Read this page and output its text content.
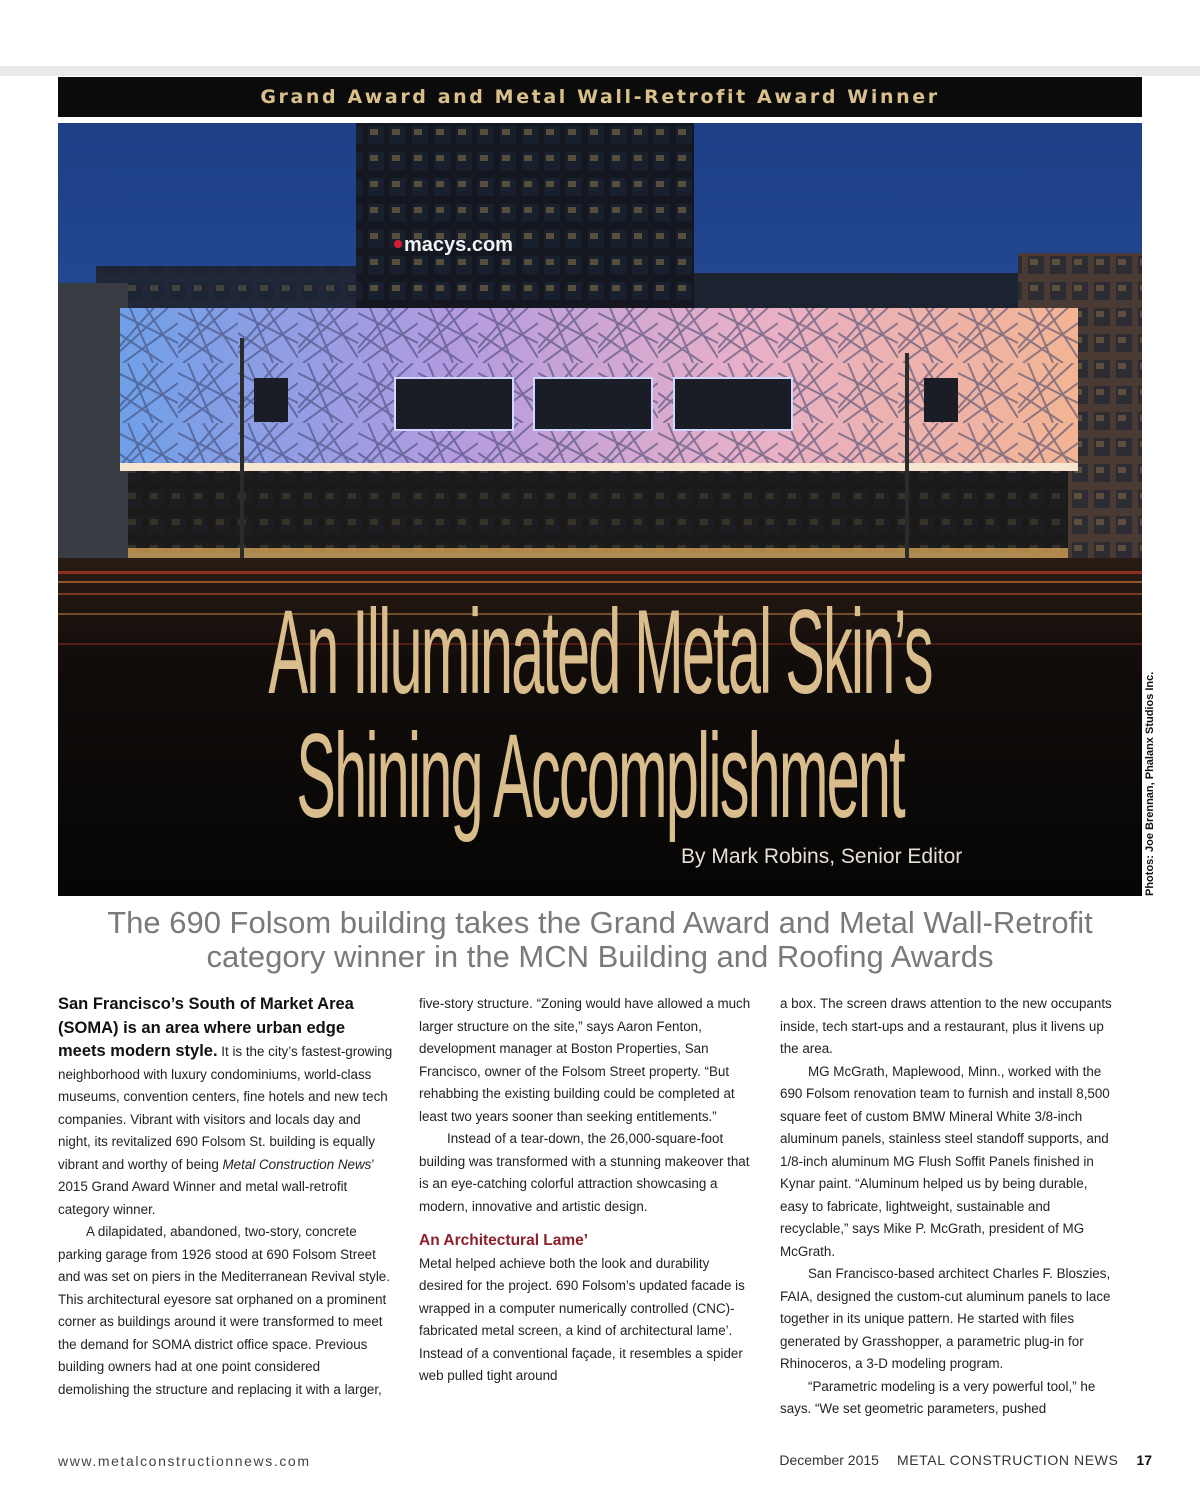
Grand Award and Metal Wall-Retrofit Award Winner
macys.com
An Illuminated Metal Skin’s
Shining Accomplishment
By Mark Robins, Senior Editor	Photos: Joe Brennan, Phalanx Studios Inc.
The 690 Folsom building takes the Grand Award and Metal Wall-Retrofit category winner in the MCN Building and Roofing Awards

San Francisco’s South of Market Area (SOMA) is an area where urban edge meets modern style. It is the city’s fastest-growing neighborhood with luxury condominiums, world-class museums, convention centers, fine hotels and new tech companies. Vibrant with visitors and locals day and night, its revitalized 690 Folsom St. building is equally vibrant and worthy of being Metal Construction News’ 2015 Grand Award Winner and metal wall-retrofit category winner.

A dilapidated, abandoned, two-story, concrete parking garage from 1926 stood at 690 Folsom Street and was set on piers in the Mediterranean Revival style. This architectural eyesore sat orphaned on a prominent corner as buildings around it were transformed to meet the demand for SOMA district office space. Previous building owners had at one point considered demolishing the structure and replacing it with a larger,

five-story structure. “Zoning would have allowed a much larger structure on the site,” says Aaron Fenton, development manager at Boston Properties, San Francisco, owner of the Folsom Street property. “But rehabbing the existing building could be completed at least two years sooner than seeking entitlements.”

Instead of a tear-down, the 26,000-square-foot building was transformed with a stunning makeover that is an eye-catching colorful attraction showcasing a modern, innovative and artistic design.

An Architectural Lame’

Metal helped achieve both the look and durability desired for the project. 690 Folsom’s updated facade is wrapped in a computer numerically controlled (CNC)-fabricated metal screen, a kind of architectural lame’. Instead of a conventional façade, it resembles a spider web pulled tight around

a box. The screen draws attention to the new occupants inside, tech start-ups and a restaurant, plus it livens up the area.

MG McGrath, Maplewood, Minn., worked with the 690 Folsom renovation team to furnish and install 8,500 square feet of custom BMW Mineral White 3/8-inch aluminum panels, stainless steel standoff supports, and 1/8-inch aluminum MG Flush Soffit Panels finished in Kynar paint. “Aluminum helped us by being durable, easy to fabricate, lightweight, sustainable and recyclable,” says Mike P. McGrath, president of MG McGrath.

San Francisco-based architect Charles F. Bloszies, FAIA, designed the custom-cut aluminum panels to lace together in its unique pattern. He started with files generated by Grasshopper, a parametric plug-in for Rhinoceros, a 3-D modeling program.

“Parametric modeling is a very powerful tool,” he says. “We set geometric parameters, pushed

www.metalconstructionnews.com	December 2015 METAL CONSTRUCTION NEWS 17
